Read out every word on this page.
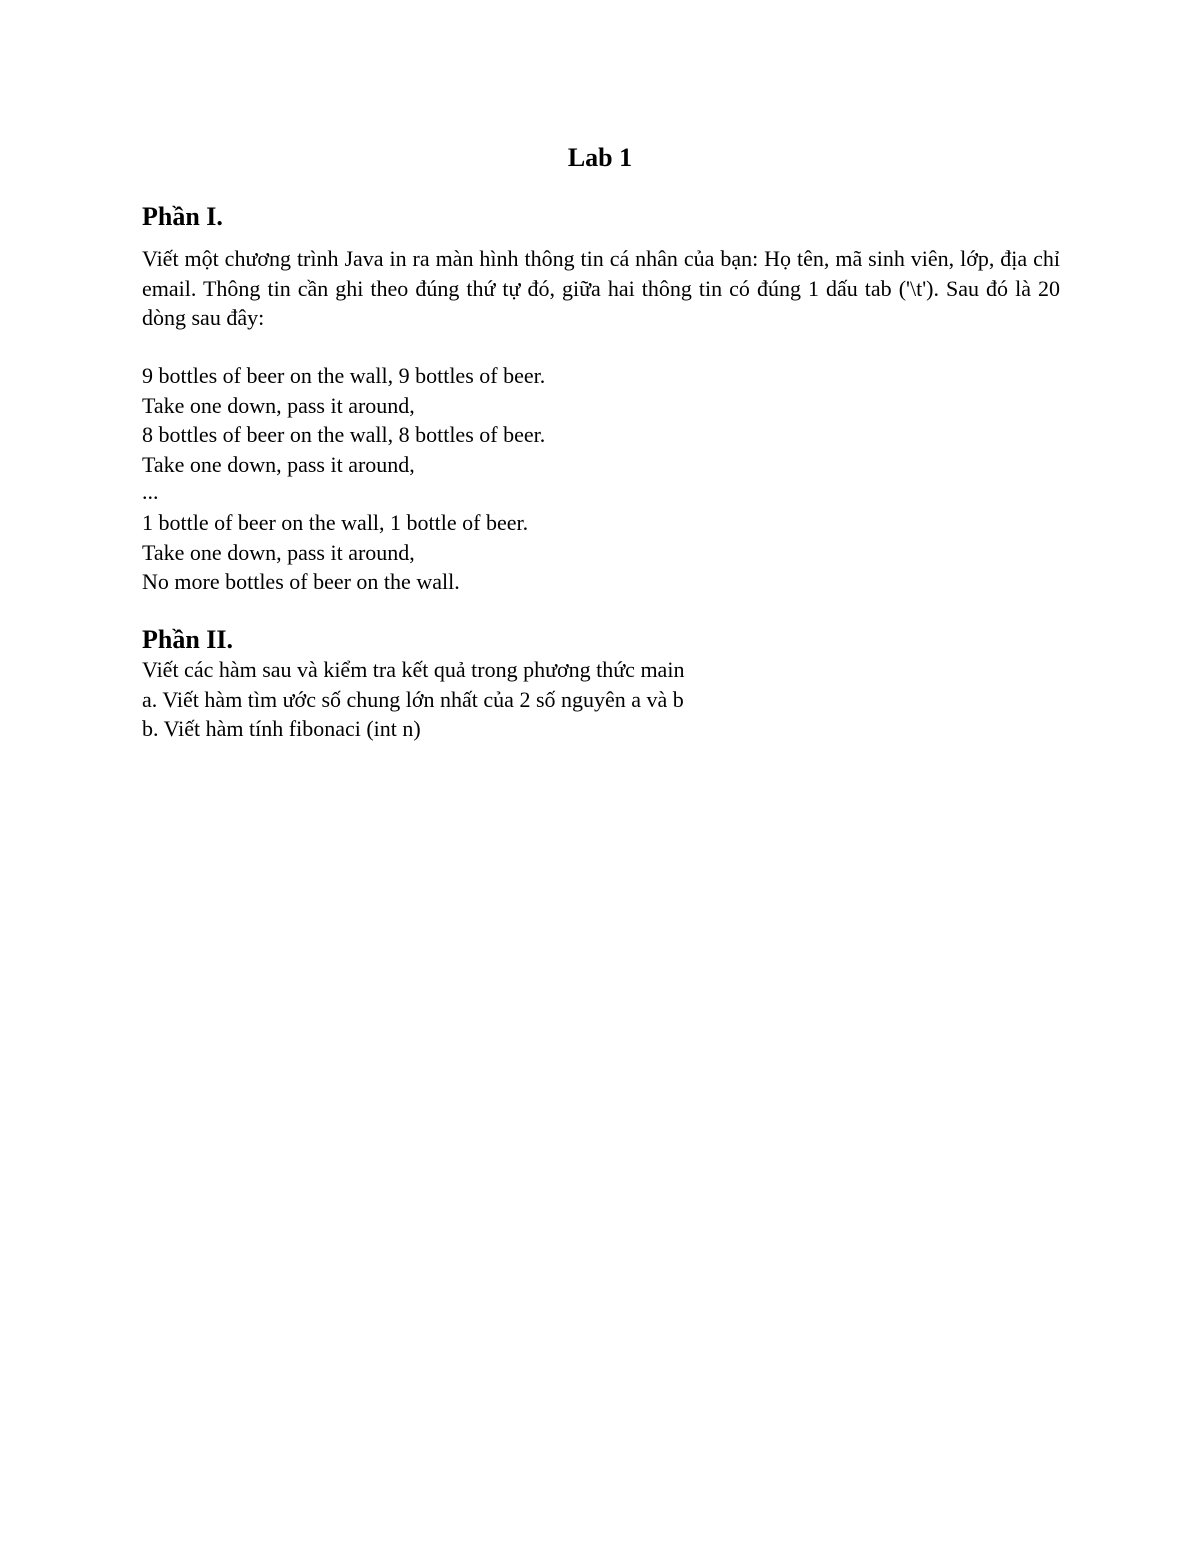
Lab 1
Phần I.

Viết một chương trình Java in ra màn hình thông tin cá nhân của bạn: Họ tên, mã sinh viên, lớp, địa chỉ email. Thông tin cần ghi theo đúng thứ tự đó, giữa hai thông tin có đúng 1 dấu tab ('\t'). Sau đó là 20 dòng sau đây:

9 bottles of beer on the wall, 9 bottles of beer.

Take one down, pass it around,

8 bottles of beer on the wall, 8 bottles of beer.

Take one down, pass it around,

...

1 bottle of beer on the wall, 1 bottle of beer.

Take one down, pass it around,

No more bottles of beer on the wall.

Phần II.

Viết các hàm sau và kiểm tra kết quả trong phương thức main

a. Viết hàm tìm ước số chung lớn nhất của 2 số nguyên a và b

b. Viết hàm tính fibonaci (int n)
